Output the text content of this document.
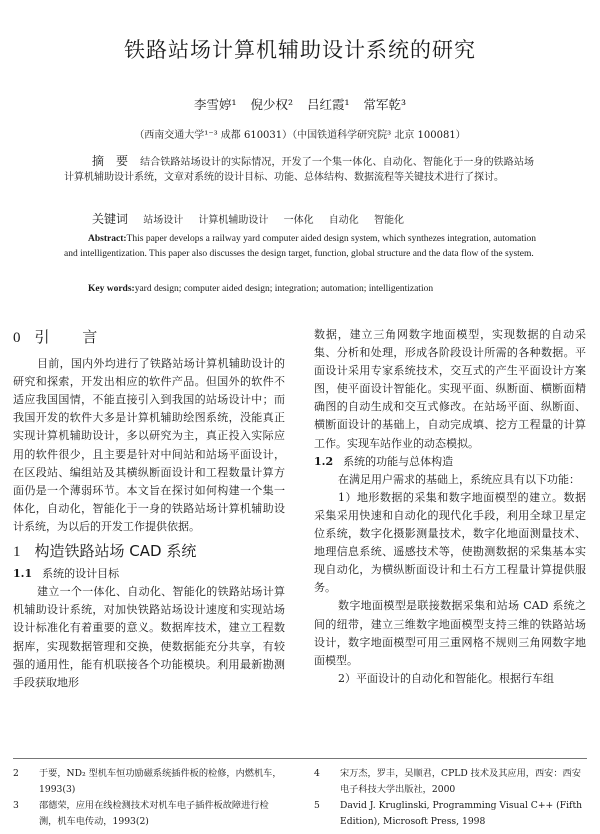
铁路站场计算机辅助设计系统的研究
李雪婷¹ 倪少权² 吕红霞¹ 常军乾³
（西南交通大学¹⁻³ 成都 610031）（中国铁道科学研究院³ 北京 100081）
摘 要 结合铁路站场设计的实际情况，开发了一个集一体化、自动化、智能化于一身的铁路站场计算机辅助设计系统，文章对系统的设计目标、功能、总体结构、数据流程等关键技术进行了探讨。
关键词 站场设计 计算机辅助设计 一体化 自动化 智能化
Abstract:This paper develops a railway yard computer aided design system, which synthezes integration, automation and intelligentization. This paper also discusses the design target, function, global structure and the data flow of the system.
Key words:yard design; computer aided design; integration; automation; intelligentization

0 引 言

目前，国内外均进行了铁路站场计算机辅助设计的研究和探索，开发出相应的软件产品。但国外的软件不适应我国国情，不能直接引入到我国的站场设计中；而我国开发的软件大多是计算机辅助绘图系统，没能真正实现计算机辅助设计，多以研究为主，真正投入实际应用的软件很少，且主要是针对中间站和站场平面设计，在区段站、编组站及其横纵断面设计和工程数量计算方面仍是一个薄弱环节。本文旨在探讨如何构建一个集一体化，自动化，智能化于一身的铁路站场计算机辅助设计系统，为以后的开发工作提供依据。

1 构造铁路站场 CAD 系统

1.1 系统的设计目标

建立一个一体化、自动化、智能化的铁路站场计算机辅助设计系统，对加快铁路站场设计速度和实现站场设计标准化有着重要的意义。数据库技术，建立工程数据库，实现数据管理和交换，使数据能充分共享，有较强的通用性，能有机联接各个功能模块。利用最新勘测手段获取地形

数据，建立三角网数字地面模型，实现数据的自动采集、分析和处理，形成各阶段设计所需的各种数据。平面设计采用专家系统技术，交互式的产生平面设计方案图，使平面设计智能化。实现平面、纵断面、横断面精确图的自动生成和交互式修改。在站场平面、纵断面、横断面设计的基础上，自动完成填、挖方工程量的计算工作。实现车站作业的动态模拟。

1.2 系统的功能与总体构造

在满足用户需求的基础上，系统应具有以下功能：

1）地形数据的采集和数字地面模型的建立。数据采集采用快速和自动化的现代化手段，利用全球卫星定位系统，数字化摄影测量技术，数字化地面测量技术、地理信息系统、遥感技术等，使勘测数据的采集基本实现自动化，为横纵断面设计和土石方工程量计算提供服务。

数字地面模型是联接数据采集和站场 CAD 系统之间的纽带，建立三维数字地面模型支持三维的铁路站场设计，数字地面模型可用三重网格不规则三角网数字地面模型。

2）平面设计的自动化和智能化。根据行车组

2	于要，ND₂ 型机车恒功励磁系统插件板的检修，内燃机车，1993(3)
3	邵德荣，应用在线检测技术对机车电子插件板故障进行检测，机车电传动，1993(2)
4	宋万杰，罗丰，吴顺君，CPLD 技术及其应用，西安：西安电子科技大学出版社，2000
5	David J. Kruglinski, Programming Visual C++ (Fifth Edition), Microsoft Press, 1998
